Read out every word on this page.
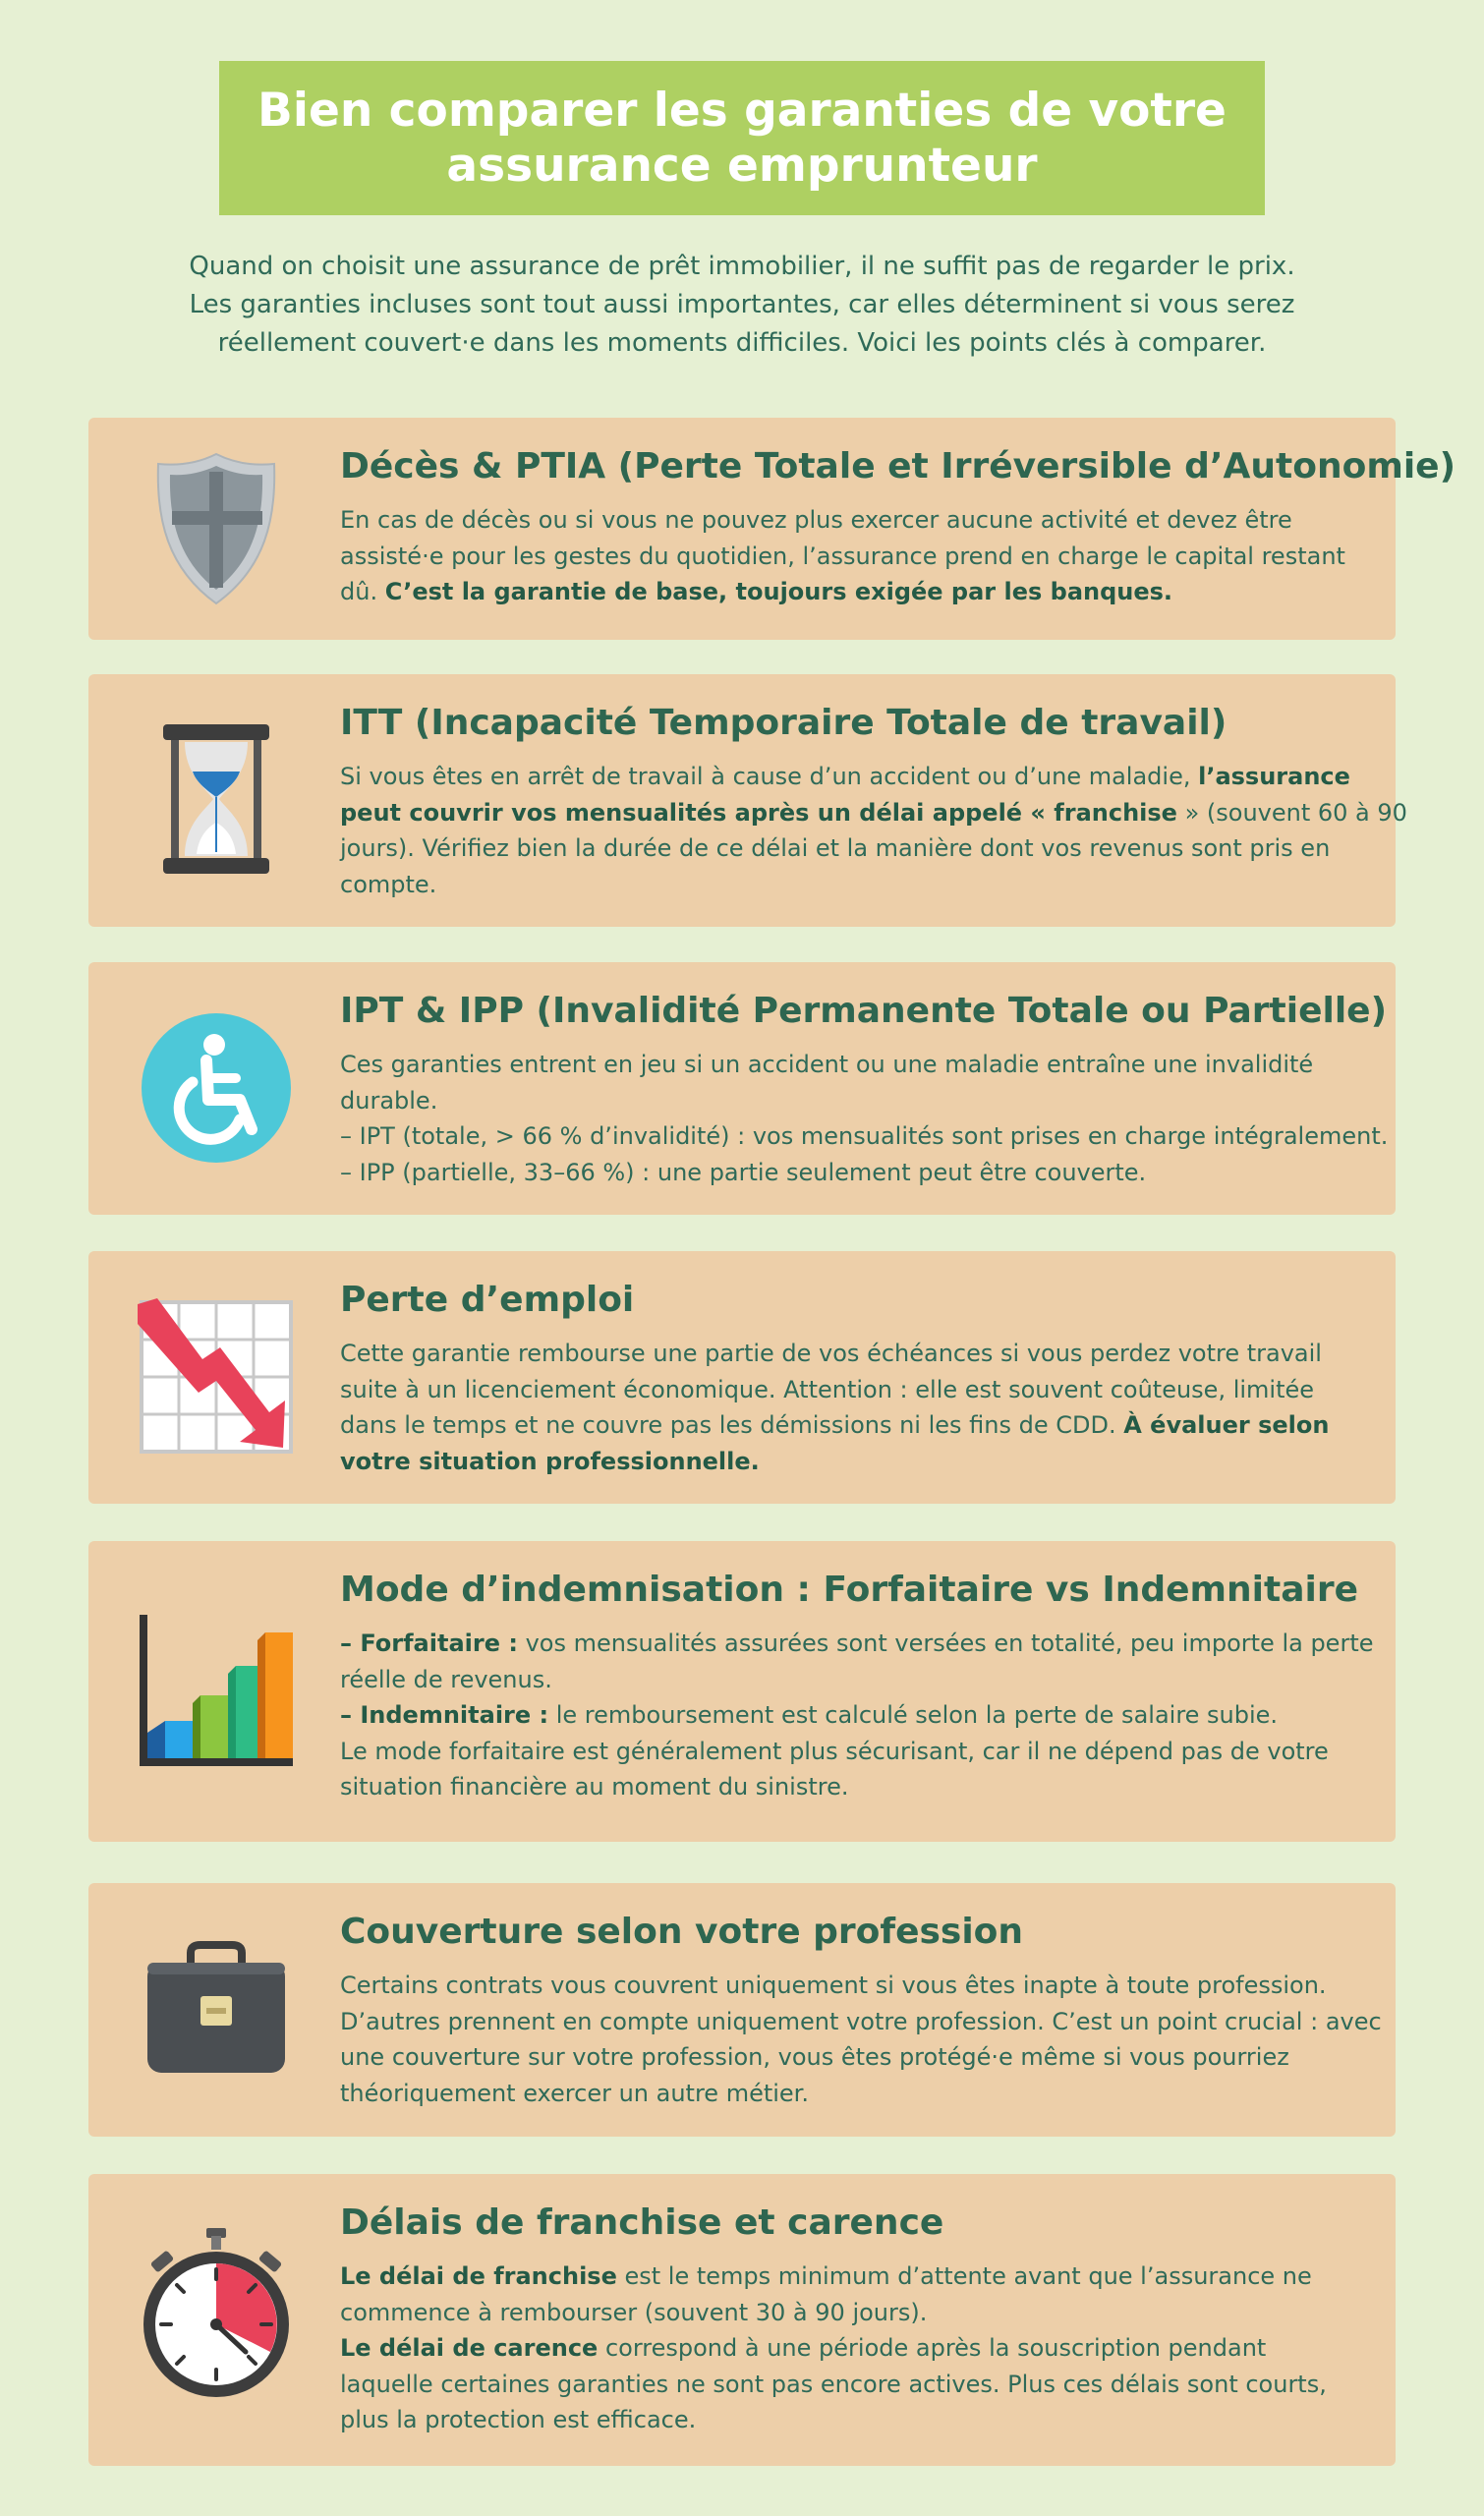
Bien comparer les garanties de votre
assurance emprunteur
Quand on choisit une assurance de prêt immobilier, il ne suffit pas de regarder le prix.
Les garanties incluses sont tout aussi importantes, car elles déterminent si vous serez
réellement couvert·e dans les moments difficiles. Voici les points clés à comparer.
Décès & PTIA (Perte Totale et Irréversible d’Autonomie)
En cas de décès ou si vous ne pouvez plus exercer aucune activité et devez être
assisté·e pour les gestes du quotidien, l’assurance prend en charge le capital restant
dû. C’est la garantie de base, toujours exigée par les banques.
ITT (Incapacité Temporaire Totale de travail)
Si vous êtes en arrêt de travail à cause d’un accident ou d’une maladie, l’assurance
peut couvrir vos mensualités après un délai appelé « franchise » (souvent 60 à 90
jours). Vérifiez bien la durée de ce délai et la manière dont vos revenus sont pris en
compte.
IPT & IPP (Invalidité Permanente Totale ou Partielle)
Ces garanties entrent en jeu si un accident ou une maladie entraîne une invalidité
durable.
– IPT (totale, > 66 % d’invalidité) : vos mensualités sont prises en charge intégralement.
– IPP (partielle, 33–66 %) : une partie seulement peut être couverte.
Perte d’emploi
Cette garantie rembourse une partie de vos échéances si vous perdez votre travail
suite à un licenciement économique. Attention : elle est souvent coûteuse, limitée
dans le temps et ne couvre pas les démissions ni les fins de CDD. À évaluer selon
votre situation professionnelle.
Mode d’indemnisation : Forfaitaire vs Indemnitaire
– Forfaitaire : vos mensualités assurées sont versées en totalité, peu importe la perte
réelle de revenus.
– Indemnitaire : le remboursement est calculé selon la perte de salaire subie.
Le mode forfaitaire est généralement plus sécurisant, car il ne dépend pas de votre
situation financière au moment du sinistre.
Couverture selon votre profession
Certains contrats vous couvrent uniquement si vous êtes inapte à toute profession.
D’autres prennent en compte uniquement votre profession. C’est un point crucial : avec
une couverture sur votre profession, vous êtes protégé·e même si vous pourriez
théoriquement exercer un autre métier.
Délais de franchise et carence
Le délai de franchise est le temps minimum d’attente avant que l’assurance ne
commence à rembourser (souvent 30 à 90 jours).
Le délai de carence correspond à une période après la souscription pendant
laquelle certaines garanties ne sont pas encore actives. Plus ces délais sont courts,
plus la protection est efficace.
